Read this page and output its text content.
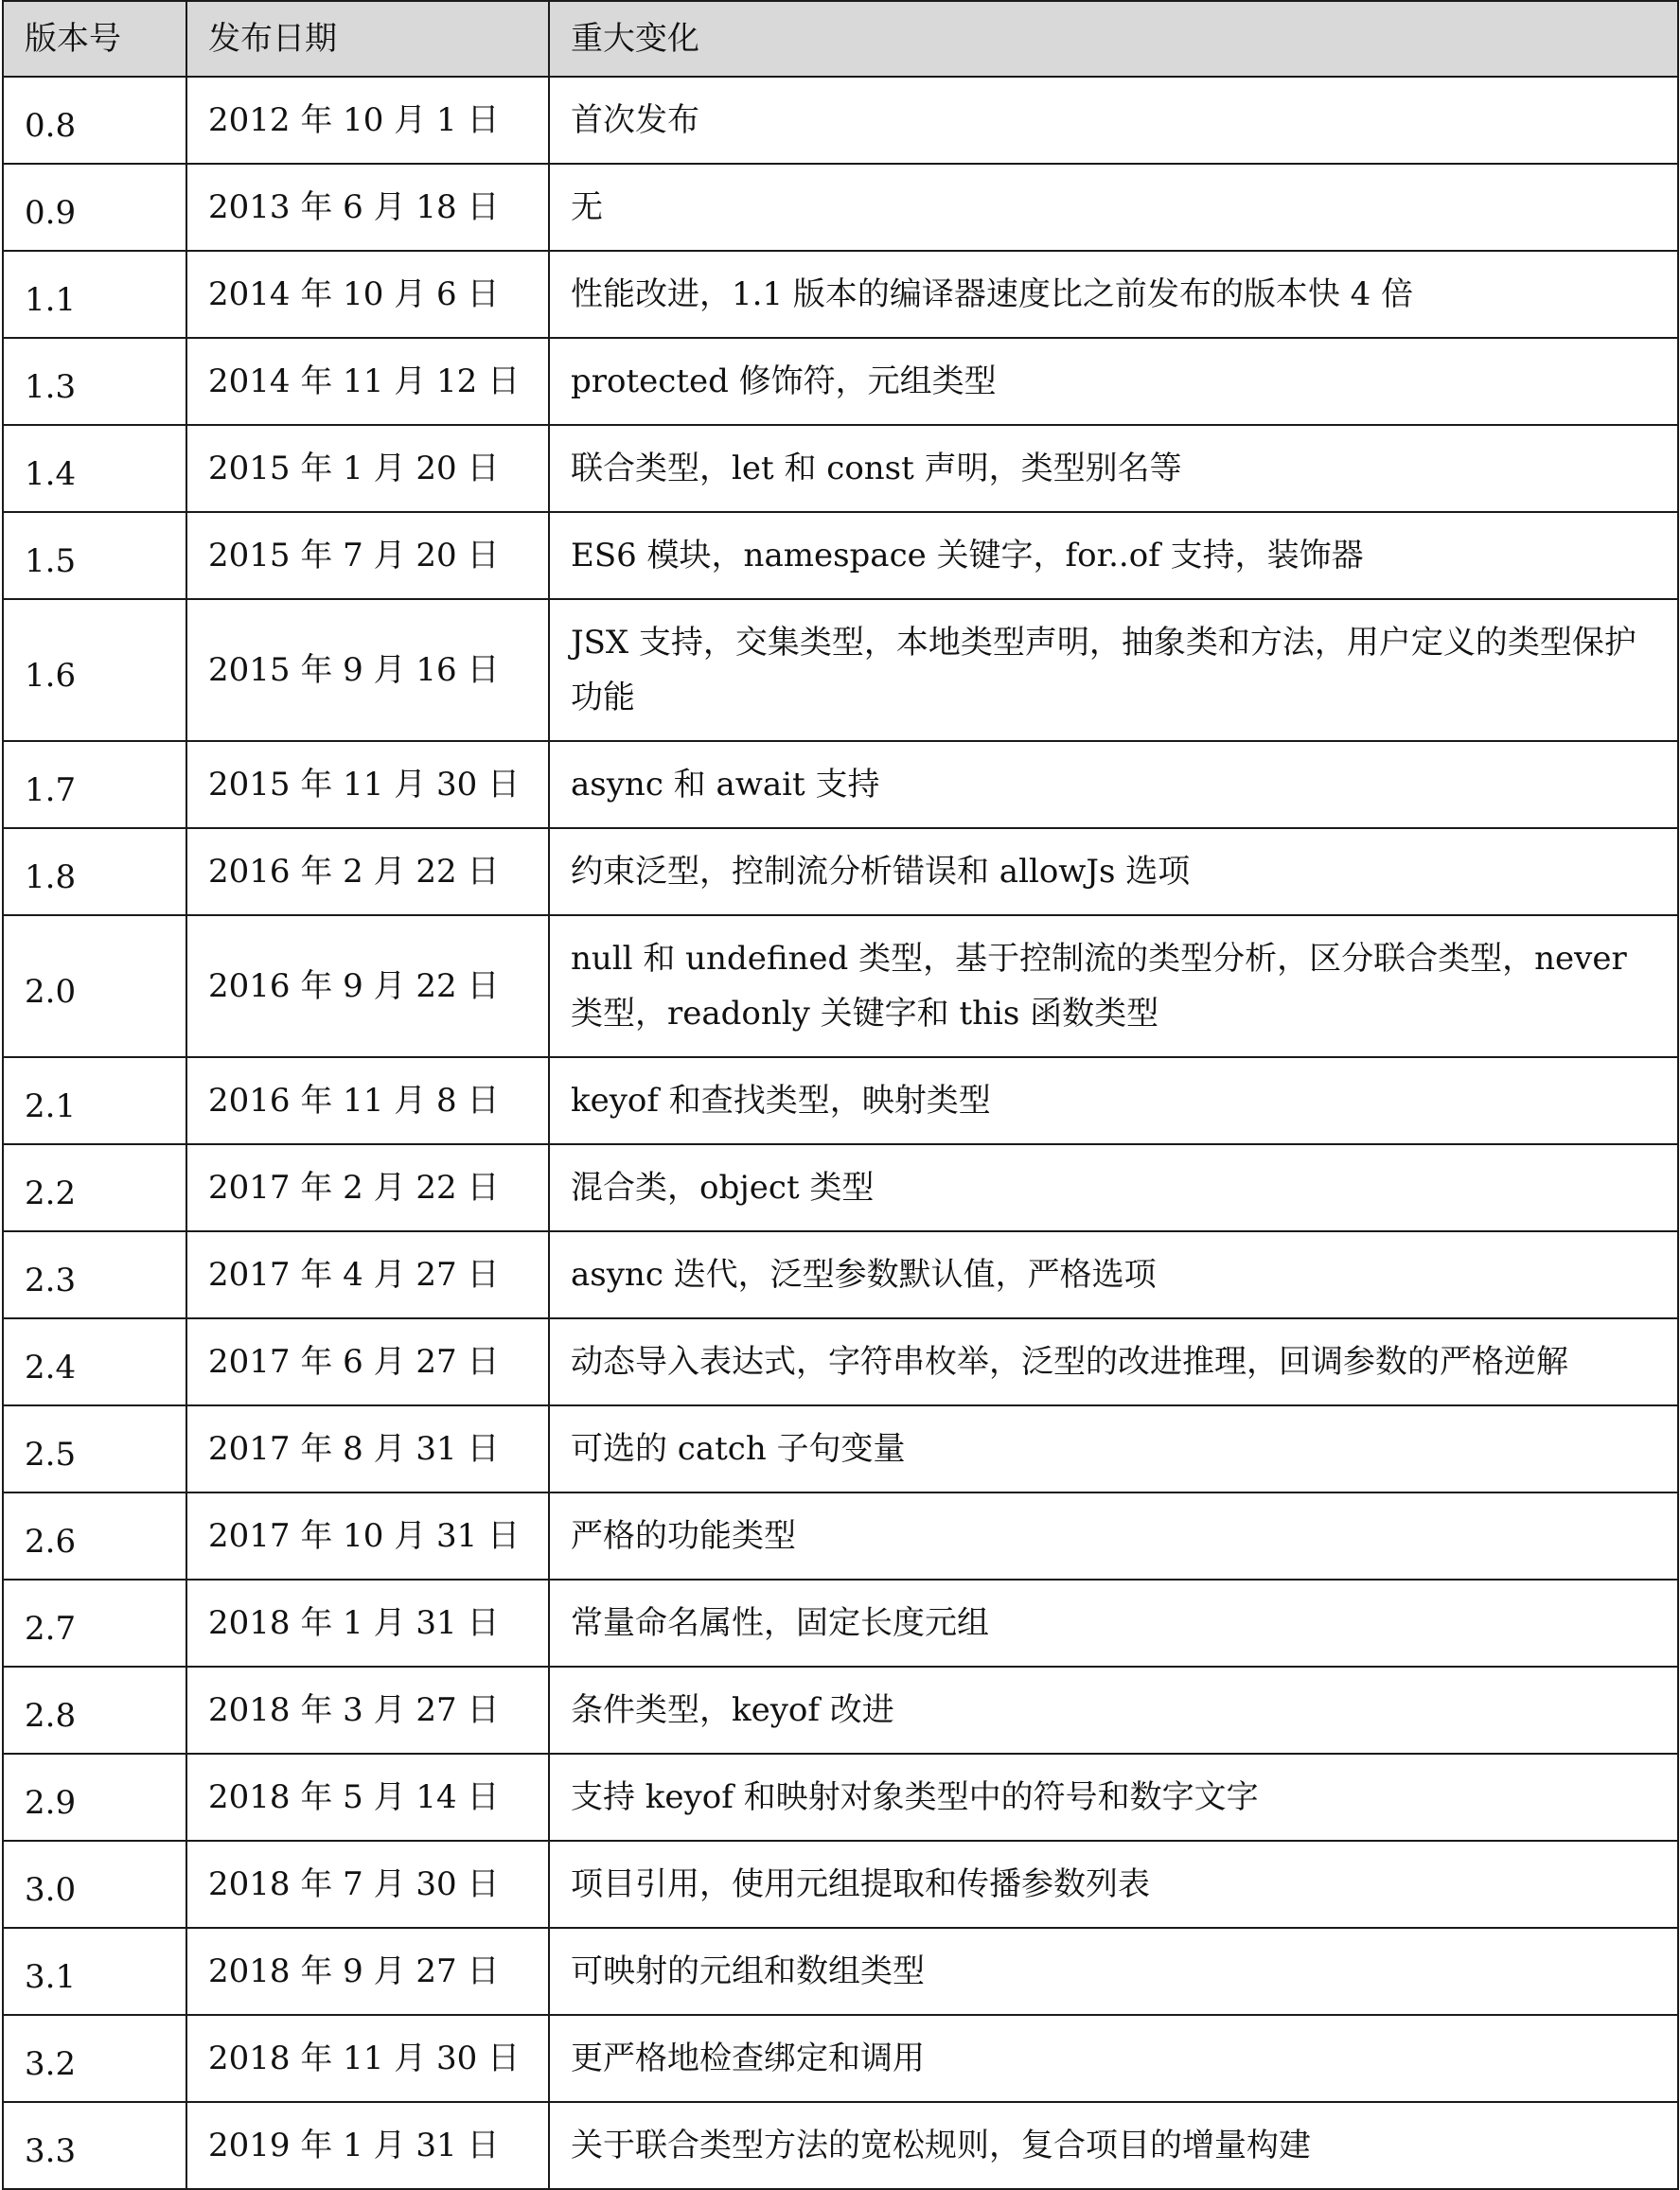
版本号	发布日期	重大变化
0.8	2012 年 10 月 1 日	首次发布
0.9	2013 年 6 月 18 日	无
1.1	2014 年 10 月 6 日	性能改进，1.1 版本的编译器速度比之前发布的版本快 4 倍
1.3	2014 年 11 月 12 日	protected 修饰符，元组类型
1.4	2015 年 1 月 20 日	联合类型，let 和 const 声明，类型别名等
1.5	2015 年 7 月 20 日	ES6 模块，namespace 关键字，for..of 支持，装饰器
1.6	2015 年 9 月 16 日	JSX 支持，交集类型，本地类型声明，抽象类和方法，用户定义的类型保护功能
1.7	2015 年 11 月 30 日	async 和 await 支持
1.8	2016 年 2 月 22 日	约束泛型，控制流分析错误和 allowJs 选项
2.0	2016 年 9 月 22 日	null 和 undefined 类型，基于控制流的类型分析，区分联合类型，never 类型，readonly 关键字和 this 函数类型
2.1	2016 年 11 月 8 日	keyof 和查找类型，映射类型
2.2	2017 年 2 月 22 日	混合类，object 类型
2.3	2017 年 4 月 27 日	async 迭代，泛型参数默认值，严格选项
2.4	2017 年 6 月 27 日	动态导入表达式，字符串枚举，泛型的改进推理，回调参数的严格逆解
2.5	2017 年 8 月 31 日	可选的 catch 子句变量
2.6	2017 年 10 月 31 日	严格的功能类型
2.7	2018 年 1 月 31 日	常量命名属性，固定长度元组
2.8	2018 年 3 月 27 日	条件类型，keyof 改进
2.9	2018 年 5 月 14 日	支持 keyof 和映射对象类型中的符号和数字文字
3.0	2018 年 7 月 30 日	项目引用，使用元组提取和传播参数列表
3.1	2018 年 9 月 27 日	可映射的元组和数组类型
3.2	2018 年 11 月 30 日	更严格地检查绑定和调用
3.3	2019 年 1 月 31 日	关于联合类型方法的宽松规则，复合项目的增量构建
